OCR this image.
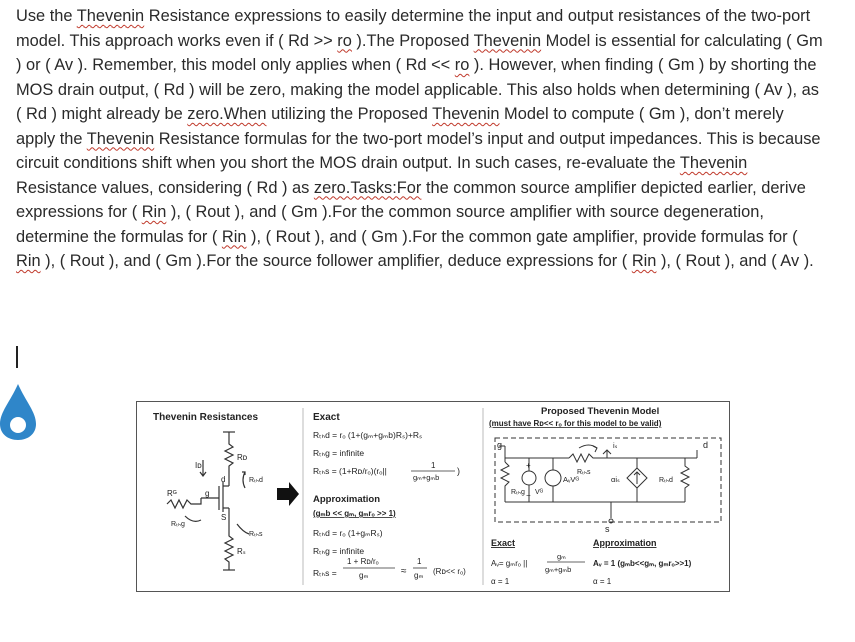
Use the Thevenin Resistance expressions to easily determine the input and output resistances of the two-port model. This approach works even if ( Rd >> ro ).The Proposed Thevenin Model is essential for calculating ( Gm ) or ( Av ). Remember, this model only applies when ( Rd << ro ). However, when finding ( Gm ) by shorting the MOS drain output, ( Rd ) will be zero, making the model applicable. This also holds when determining ( Av ), as ( Rd ) might already be zero.When utilizing the Proposed Thevenin Model to compute ( Gm ), don’t merely apply the Thevenin Resistance formulas for the two-port model’s input and output impedances. This is because circuit conditions shift when you short the MOS drain output. In such cases, re-evaluate the Thevenin Resistance values, considering ( Rd ) as zero.Tasks:For the common source amplifier depicted earlier, derive expressions for ( Rin ), ( Rout ), and ( Gm ).For the common source amplifier with source degeneration, determine the formulas for ( Rin ), ( Rout ), and ( Gm ).For the common gate amplifier, provide formulas for ( Rin ), ( Rout ), and ( Gm ).For the source follower amplifier, deduce expressions for ( Rin ), ( Rout ), and ( Av ).
Thevenin Resistances
Iᴅ
Rᴅ
Rₜₕd
Rᴳ	g
d
S
Rₜₕg
Rₜₕs
Rₛ
Exact
Rₜₕd = rₒ (1+(gₘ+gₘb)Rₛ)+Rₛ
Rₜₕg = infinite
Rₜₕs = (1+Rᴅ/rₒ)(rₒ||
1
gₘ+gₘb
)
Approximation
(gₘb << gₘ, gₘrₒ >> 1)
Rₜₕd = rₒ (1+gₘRₛ)
Rₜₕg = infinite
1 + Rᴅ/rₒ
Rₜₕs =	gₘ	≈
1
gₘ (Rᴅ<< rₒ)
Proposed Thevenin Model
(must have Rᴅ<< rₒ for this model to be valid)
g	d
s
Rₜₕg Vᴳ
+
−
Rₜₕs
AᵥVᴳ
iₛ
αiₛ	Rₜₕd
Exact
Aᵥ= gₘrₒ ||
gₘ
gₘ+gₘb
α = 1
Approximation
Aᵥ = 1 (gₘb<<gₘ, gₘrₒ>>1)
α = 1
